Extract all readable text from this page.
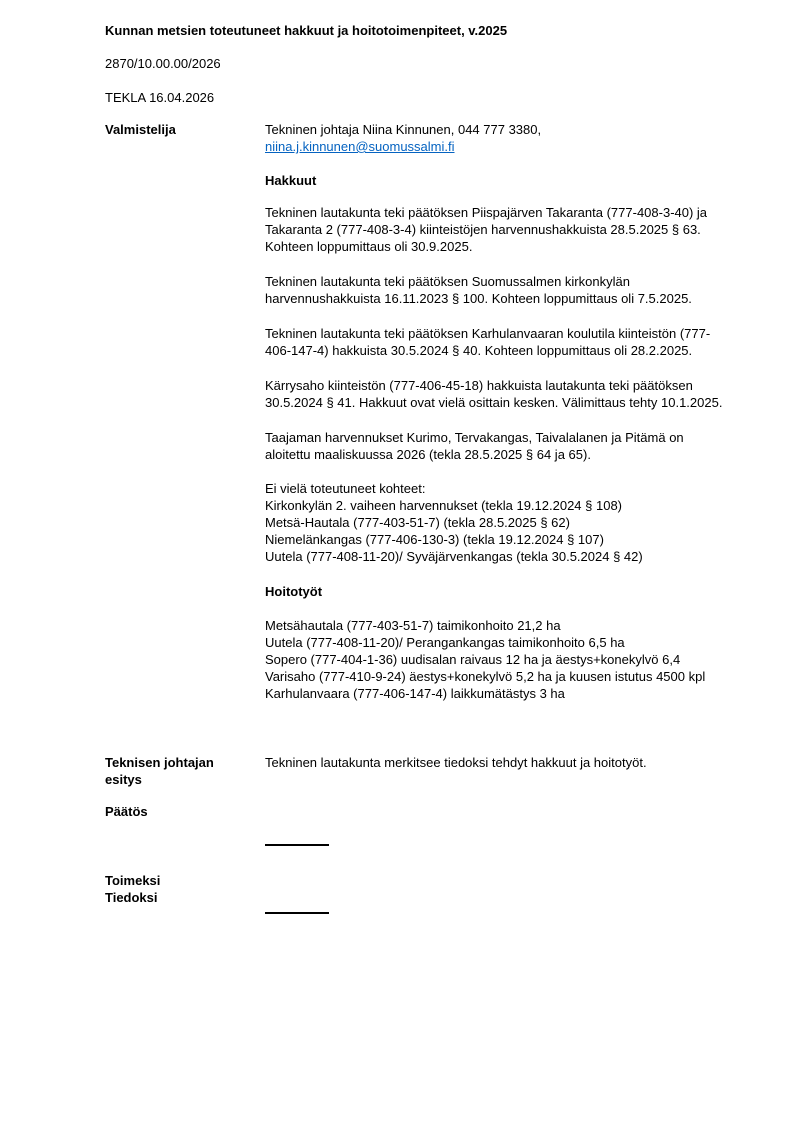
Kunnan metsien toteutuneet hakkuut ja hoitotoimenpiteet, v.2025
2870/10.00.00/2026
TEKLA 16.04.2026
Valmistelija	Tekninen johtaja Niina Kinnunen, 044 777 3380,
niina.j.kinnunen@suomussalmi.fi
Hakkuut
Tekninen lautakunta teki päätöksen Piispajärven Takaranta (777-408-3-40) ja Takaranta 2 (777-408-3-4) kiinteistöjen harvennushakkuista 28.5.2025 § 63. Kohteen loppumittaus oli 30.9.2025.
Tekninen lautakunta teki päätöksen Suomussalmen kirkonkylän harvennushakkuista 16.11.2023 § 100. Kohteen loppumittaus oli 7.5.2025.
Tekninen lautakunta teki päätöksen Karhulanvaaran koulutila kiinteistön (777-406-147-4) hakkuista 30.5.2024 § 40. Kohteen loppumittaus oli 28.2.2025.
Kärrysaho kiinteistön (777-406-45-18) hakkuista lautakunta teki päätöksen 30.5.2024 § 41. Hakkuut ovat vielä osittain kesken. Välimittaus tehty 10.1.2025.
Taajaman harvennukset Kurimo, Tervakangas, Taivalalanen ja Pitämä on aloitettu maaliskuussa 2026 (tekla 28.5.2025 § 64 ja 65).
Ei vielä toteutuneet kohteet:
Kirkonkylän 2. vaiheen harvennukset (tekla 19.12.2024 § 108)
Metsä-Hautala (777-403-51-7) (tekla 28.5.2025 § 62)
Niemelänkangas (777-406-130-3) (tekla 19.12.2024 § 107)
Uutela (777-408-11-20)/ Syväjärvenkangas (tekla 30.5.2024 § 42)
Hoitotyöt
Metsähautala (777-403-51-7) taimikonhoito 21,2 ha
Uutela (777-408-11-20)/ Perangankangas taimikonhoito 6,5 ha
Sopero (777-404-1-36) uudisalan raivaus 12 ha ja äestys+konekylvö 6,4
Varisaho (777-410-9-24) äestys+konekylvö 5,2 ha ja kuusen istutus 4500 kpl
Karhulanvaara (777-406-147-4) laikkumätästys 3 ha
Teknisen johtajan esitys
Tekninen lautakunta merkitsee tiedoksi tehdyt hakkuut ja hoitotyöt.
Päätös
Toimeksi
Tiedoksi
